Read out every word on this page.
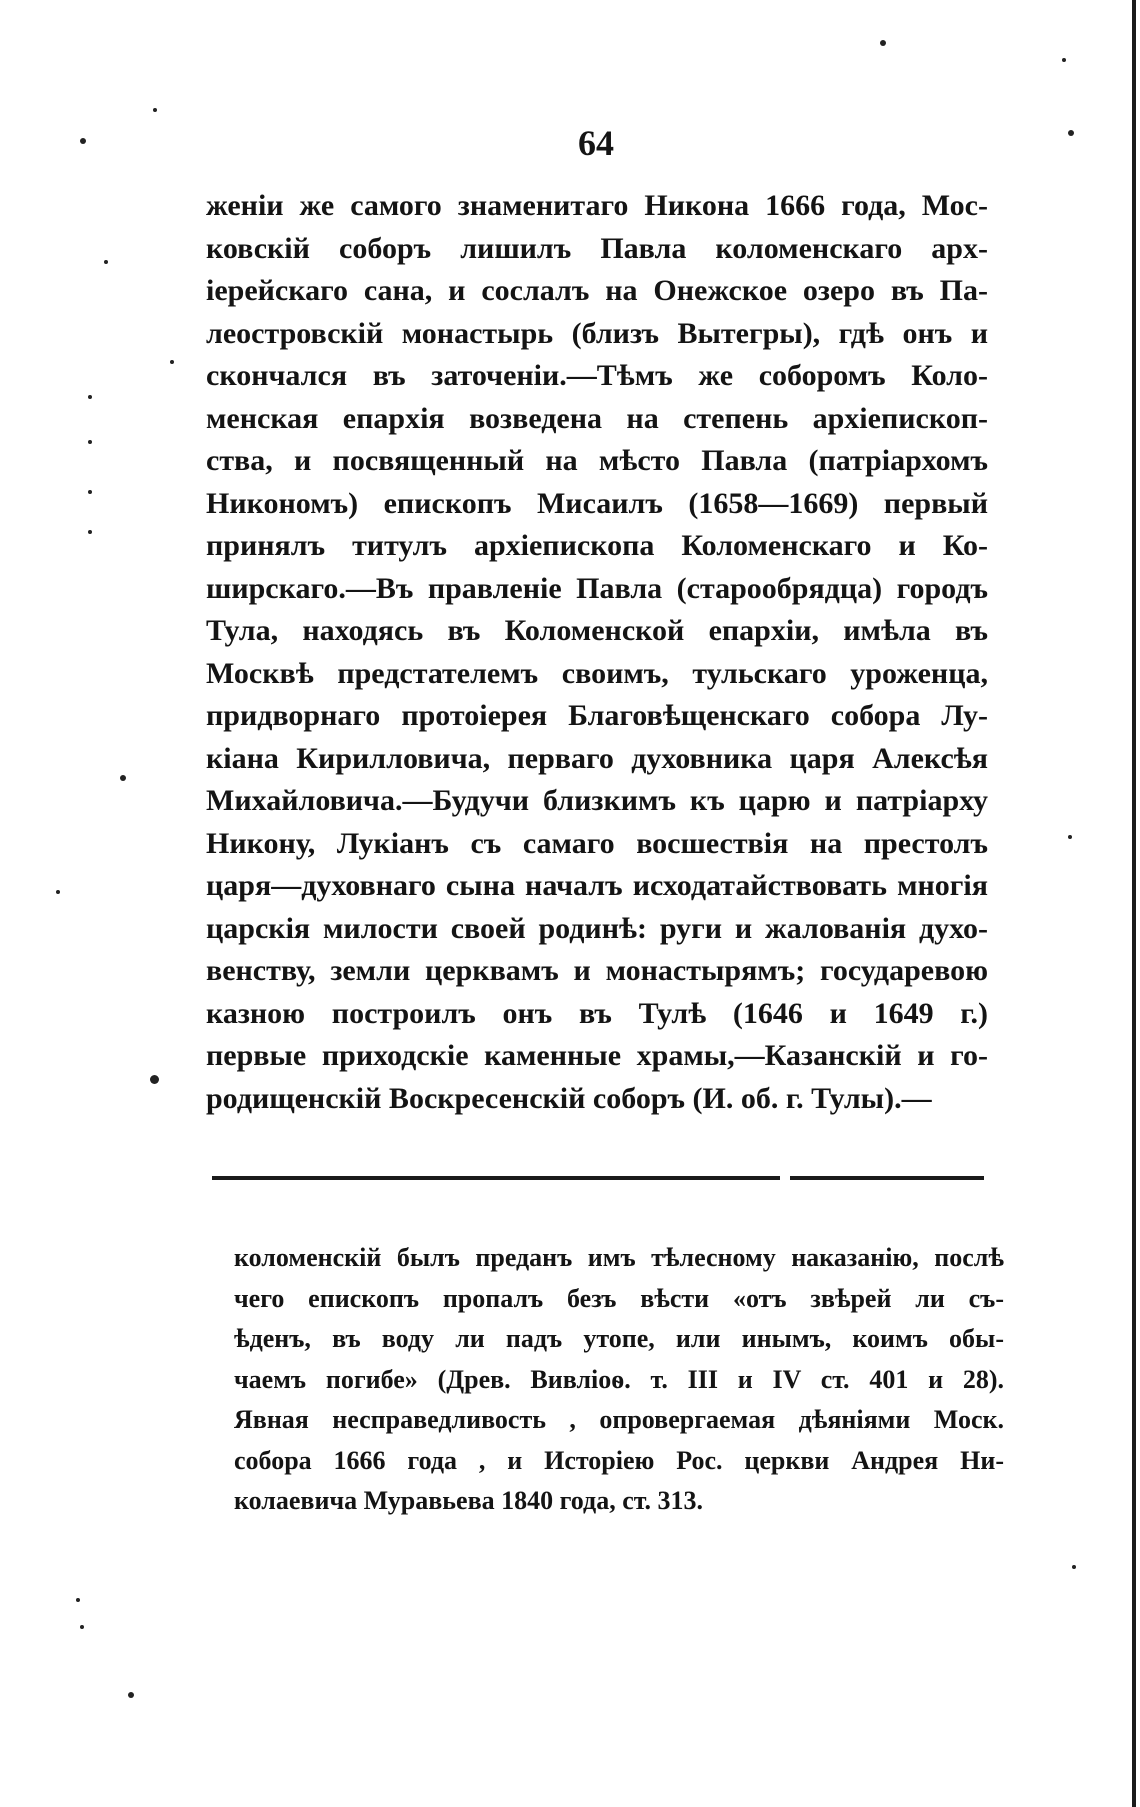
64
женіи же самого знаменитаго Никона 1666 года, Мос-
ковскій соборъ лишилъ Павла коломенскаго арх-
іерейскаго сана, и сослалъ на Онежское озеро въ Па-
леостровскій монастырь (близъ Вытегры), гдѣ онъ и
скончался въ заточеніи.—Тѣмъ же соборомъ Коло-
менская епархія возведена на степень архіепископ-
ства, и посвященный на мѣсто Павла (патріархомъ
Никономъ) епископъ Мисаилъ (1658—1669) первый
принялъ титулъ архіепископа Коломенскаго и Ко-
ширскаго.—Въ правленіе Павла (старообрядца) городъ
Тула, находясь въ Коломенской епархіи, имѣла въ
Москвѣ предстателемъ своимъ, тульскаго уроженца,
придворнаго протоіерея Благовѣщенскаго собора Лу-
кіана Кирилловича, перваго духовника царя Алексѣя
Михайловича.—Будучи близкимъ къ царю и патріарху
Никону, Лукіанъ съ самаго восшествія на престолъ
царя—духовнаго сына началъ исходатайствовать многія
царскія милости своей родинѣ: руги и жалованія духо-
венству, земли церквамъ и монастырямъ; государевою
казною построилъ онъ въ Тулѣ (1646 и 1649 г.)
первые приходскіе каменные храмы,—Казанскій и го-
родищенскій Воскресенскій соборъ (И. об. г. Тулы).—
коломенскій былъ преданъ имъ тѣлесному наказанію, послѣ
чего епископъ пропалъ безъ вѣсти «отъ звѣрей ли съ-
ѣденъ, въ воду ли падъ утопе, или инымъ, коимъ обы-
чаемъ погибе» (Древ. Вивліоѳ. т. III и IV ст. 401 и 28).
Явная несправедливость , опровергаемая дѣяніями Моск.
собора 1666 года , и Исторіею Рос. церкви Андрея Ни-
колаевича Муравьева 1840 года, ст. 313.
